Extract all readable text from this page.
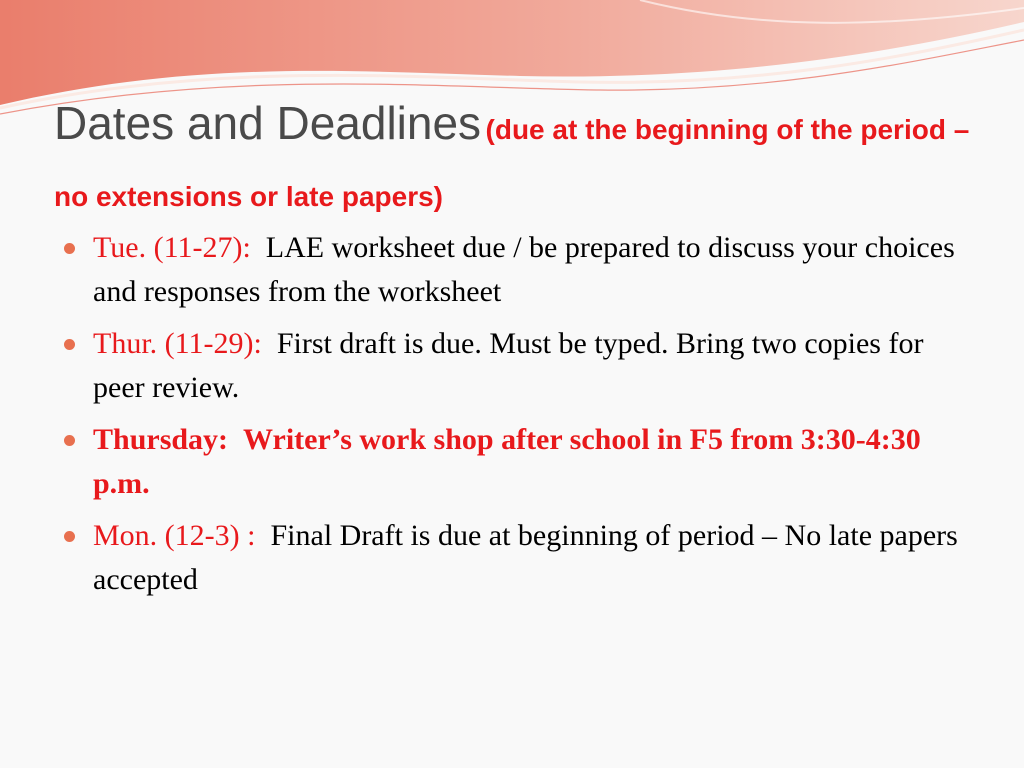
Dates and Deadlines (due at the beginning of the period – no extensions or late papers)
Tue. (11-27): LAE worksheet due / be prepared to discuss your choices and responses from the worksheet
Thur. (11-29): First draft is due. Must be typed. Bring two copies for peer review.
Thursday: Writer’s work shop after school in F5 from 3:30-4:30 p.m.
Mon. (12-3) : Final Draft is due at beginning of period – No late papers accepted
